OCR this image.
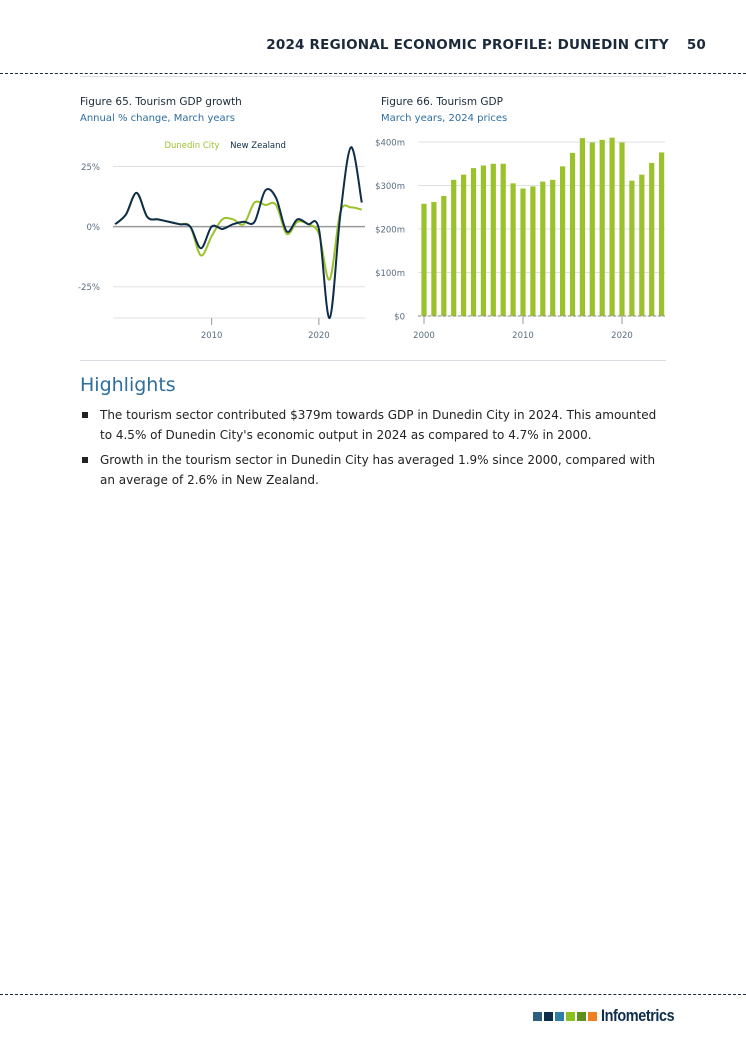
2024 REGIONAL ECONOMIC PROFILE: DUNEDIN CITY 50
Figure 65. Tourism GDP growth
Annual % change, March years
Figure 66. Tourism GDP
March years, 2024 prices
25%
0%
-25%
2010	2020
Dunedin City New Zealand	$400m
$300m
$200m
$100m
$0
2000	2010	2020
Highlights
The tourism sector contributed $379m towards GDP in Dunedin City in 2024. This amounted to 4.5% of Dunedin City's economic output in 2024 as compared to 4.7% in 2000.
Growth in the tourism sector in Dunedin City has averaged 1.9% since 2000, compared with an average of 2.6% in New Zealand.
Infometrics
